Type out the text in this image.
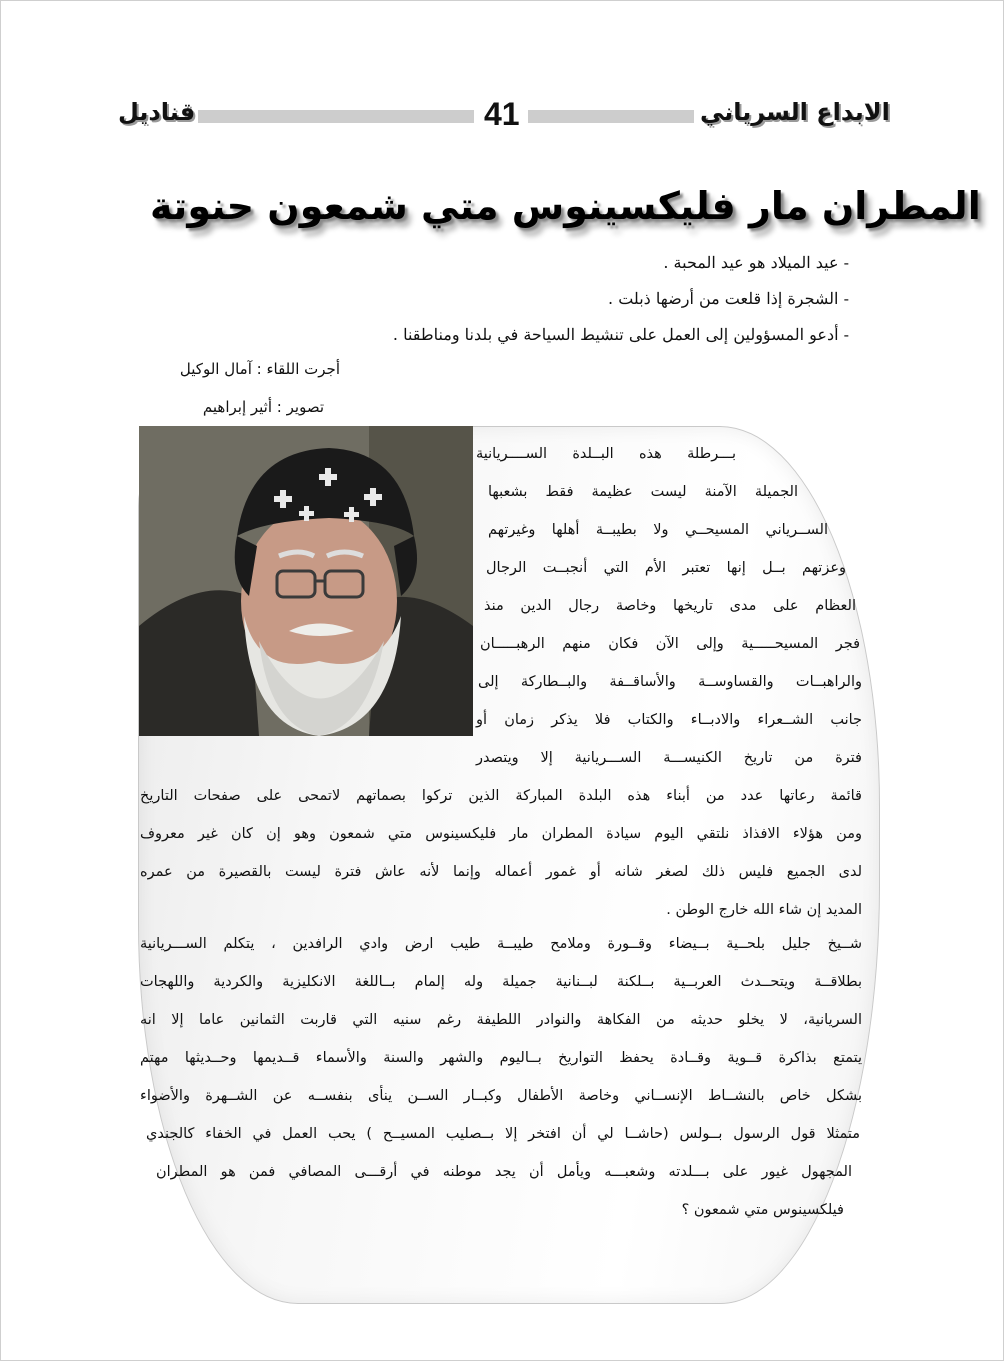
قناديل	41	الابداع السرياني
المطران مار فليكسينوس متي شمعون حنوتة
- عيد الميلاد هو عيد المحبة .
- الشجرة إذا قلعت من أرضها ذبلت .
- أدعو المسؤولين إلى العمل على تنشيط السياحة في بلدنا ومناطقنا .
أجرت اللقاء : آمال الوكيل
تصوير : أثير إبراهيم
بـــرطلة هذه البــلدة الســــريانية
الجميلة الآمنة ليست عظيمة فقط بشعبها
الســرياني المسيحــي ولا بطيبــة أهلها وغيرتهم
وعزتهم بــل إنها تعتبر الأم التي أنجبــت الرجال
العظام على مدى تاريخها وخاصة رجال الدين منذ
فجر المسيحـــــية وإلى الآن فكان منهم الرهبـــــان
والراهبــات والقساوســة والأساقــفة والبــطاركة إلى
جانب الشــعراء والادبــاء والكتاب فلا يذكر زمان أو
فترة من تاريخ الكنيســـة الســـريانية إلا ويتصدر
قائمة رعاتها عدد من أبناء هذه البلدة المباركة الذين تركوا بصماتهم لاتمحى على صفحات التاريخ
ومن هؤلاء الافذاذ نلتقي اليوم سيادة المطران مار فليكسينوس متي شمعون وهو إن كان غير معروف
لدى الجميع فليس ذلك لصغر شانه أو غمور أعماله وإنما لأنه عاش فترة ليست بالقصيرة من عمره
المديد إن شاء الله خارج الوطن .
شــيخ جليل بلحــية بــيضاء وقــورة وملامح طيبــة طيب ارض وادي الرافدين ، يتكلم الســـريانية
بطلاقــة ويتحــدث العربــية بــلكنة لبــنانية جميلة وله إلمام بــاللغة الانكليزية والكردية واللهجات
السريانية، لا يخلو حديثه من الفكاهة والنوادر اللطيفة رغم سنيه التي قاربت الثمانين عاما إلا انه
يتمتع بذاكرة قــوية وقــادة يحفظ التواريخ بــاليوم والشهر والسنة والأسماء قــديمها وحــديثها مهتم
بشكل خاص بالنشــاط الإنســاني وخاصة الأطفال وكبــار الســن ينأى بنفســه عن الشــهرة والأضواء
متمثلا قول الرسول بــولس (حاشــا لي أن افتخر إلا بــصليب المسيــح ) يحب العمل في الخفاء كالجندي
المجهول غيور على بـــلدته وشعبـــه ويأمل أن يجد موطنه في أرقـــى المصافي فمن هو المطران
فيلكسينوس متي شمعون ؟
